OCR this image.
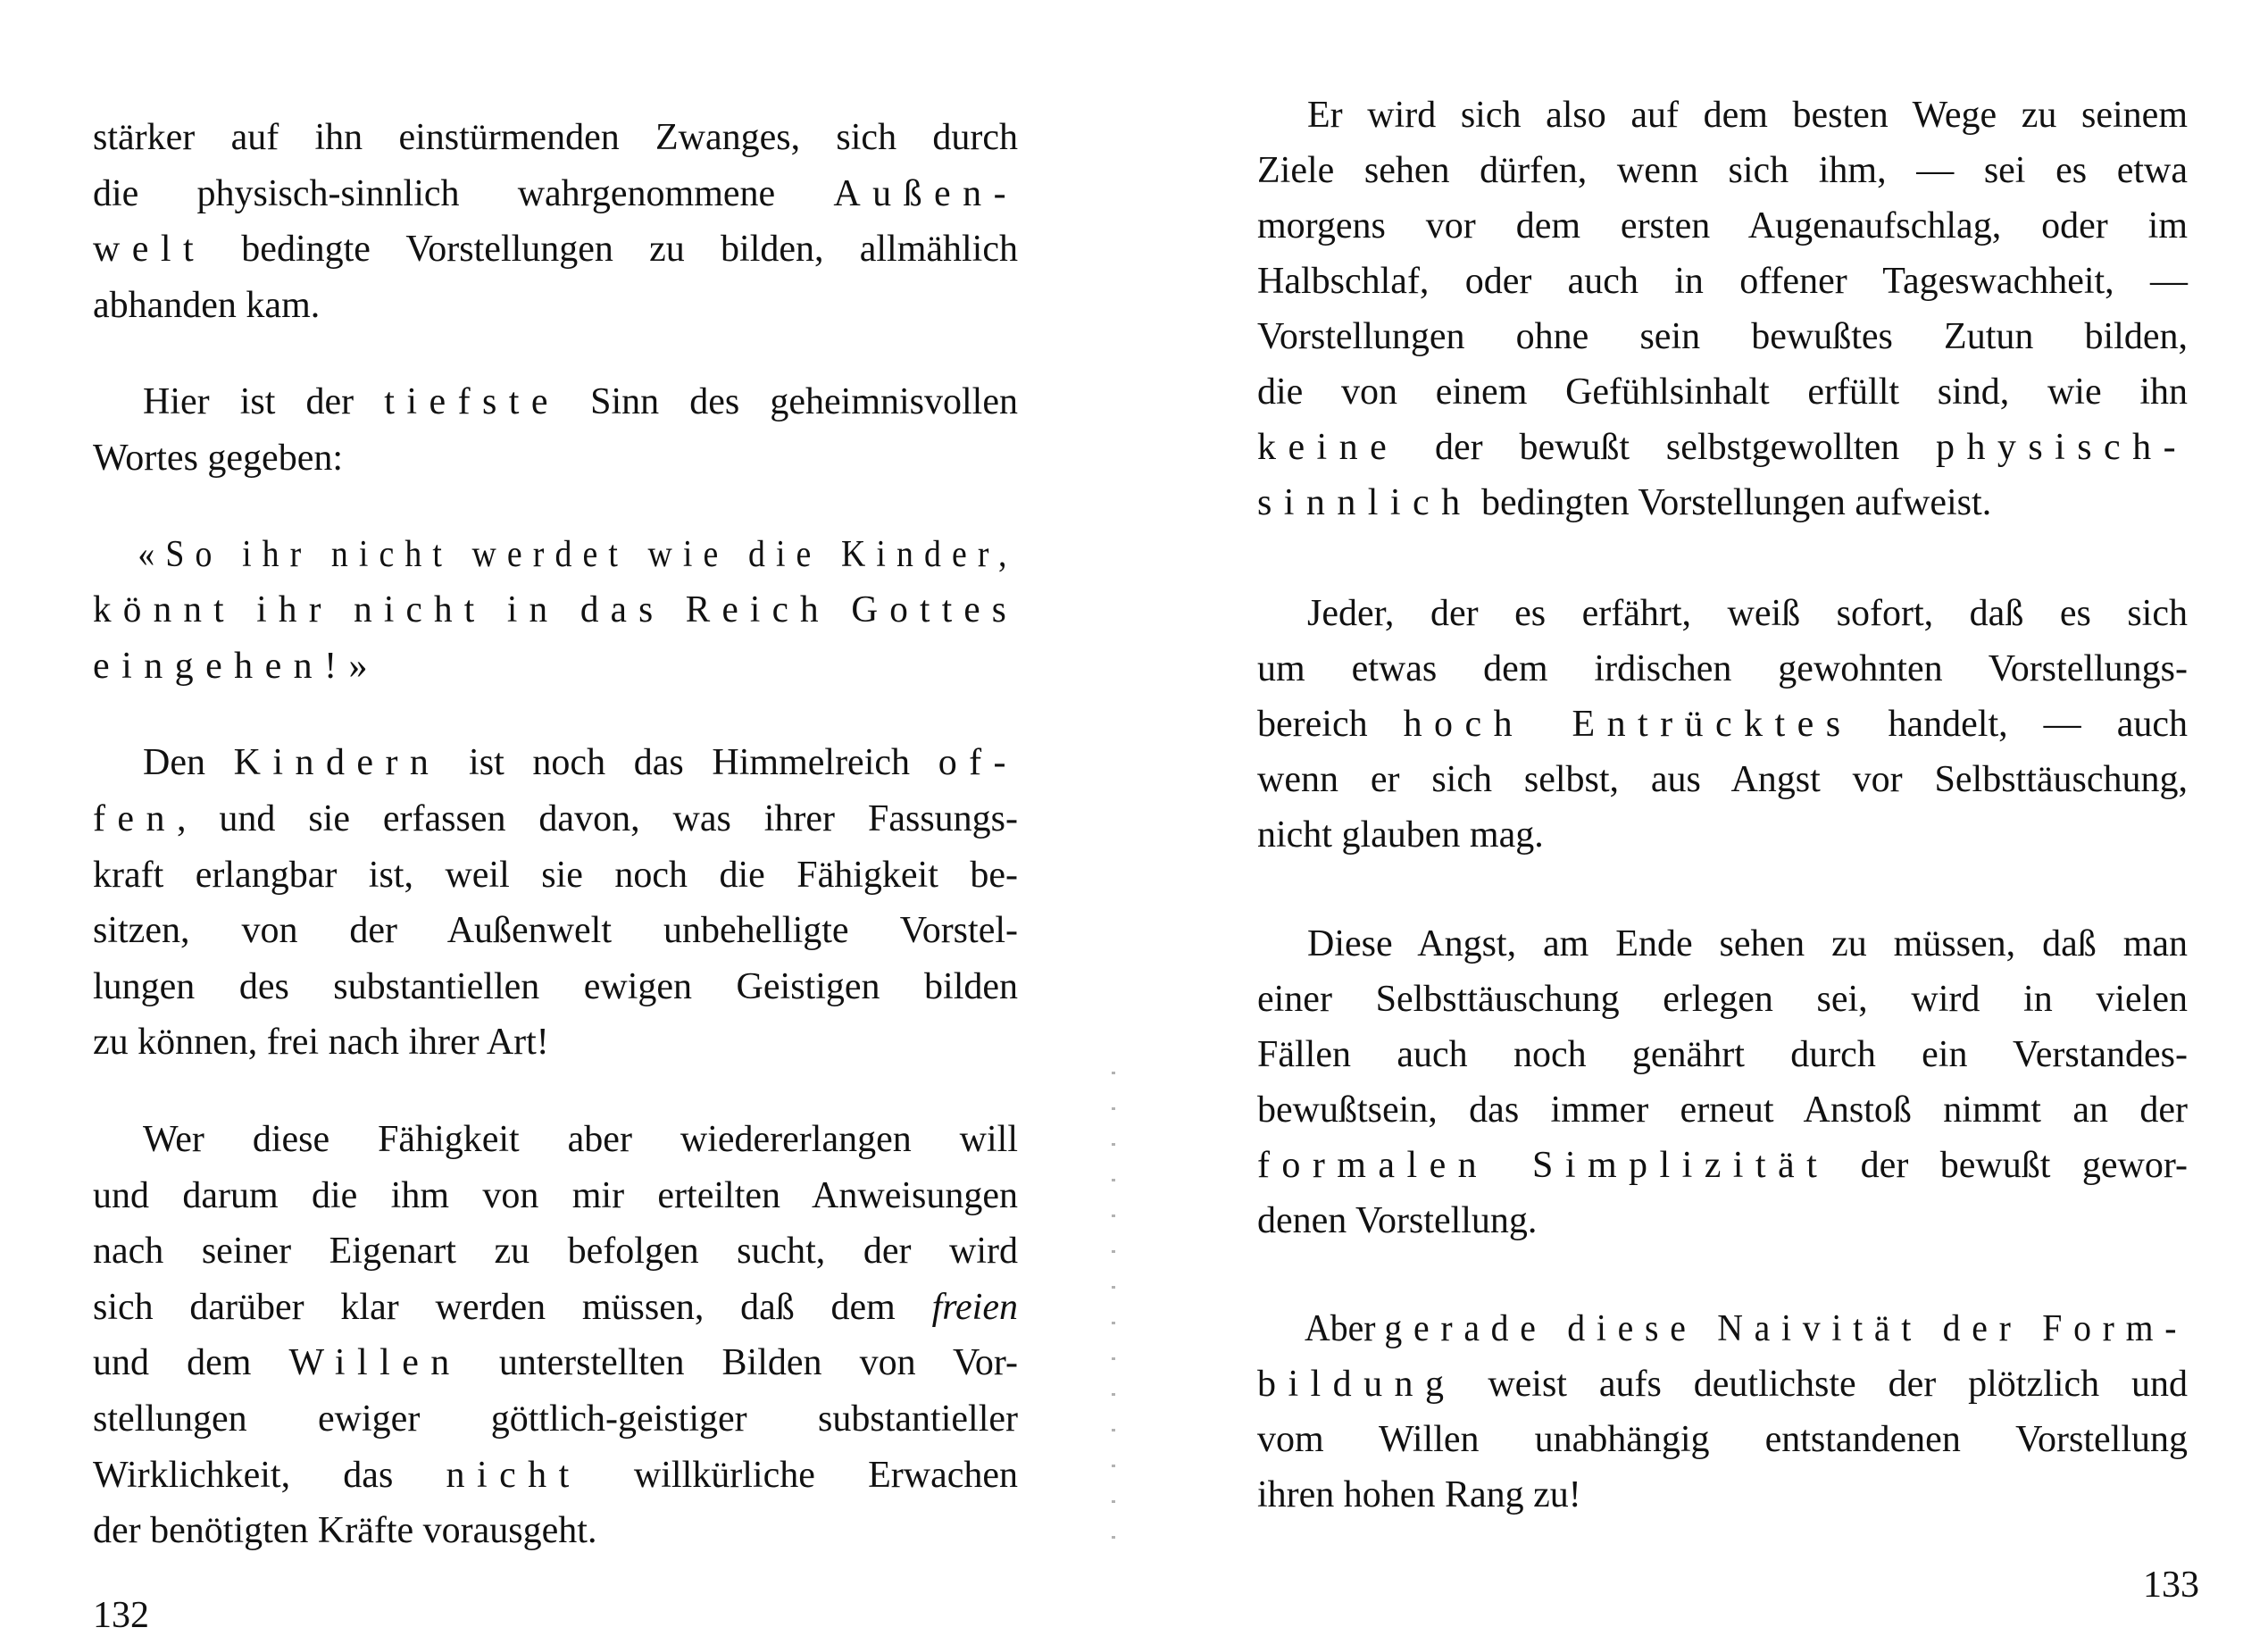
stärker auf ihn einstürmenden Zwanges, sich durch
die physisch-sinnlich wahrgenommene Außen-
welt bedingte Vorstellungen zu bilden, allmählich
abhanden kam.
Hier ist der tiefste Sinn des geheimnisvollen
Wortes gegeben:
«So ihr nicht werdet wie die Kinder,
könnt ihr nicht in das Reich Gottes
eingehen!»
Den Kindern ist noch das Himmelreich of-
fen, und sie erfassen davon, was ihrer Fassungs-
kraft erlangbar ist, weil sie noch die Fähigkeit be-
sitzen, von der Außenwelt unbehelligte Vorstel-
lungen des substantiellen ewigen Geistigen bilden
zu können, frei nach ihrer Art!
Wer diese Fähigkeit aber wiedererlangen will
und darum die ihm von mir erteilten Anweisungen
nach seiner Eigenart zu befolgen sucht, der wird
sich darüber klar werden müssen, daß dem freien
und dem Willen unterstellten Bilden von Vor-
stellungen ewiger göttlich-geistiger substantieller
Wirklichkeit, das nicht willkürliche Erwachen
der benötigten Kräfte vorausgeht.
132
Er wird sich also auf dem besten Wege zu seinem
Ziele sehen dürfen, wenn sich ihm, — sei es etwa
morgens vor dem ersten Augenaufschlag, oder im
Halbschlaf, oder auch in offener Tageswachheit, —
Vorstellungen ohne sein bewußtes Zutun bilden,
die von einem Gefühlsinhalt erfüllt sind, wie ihn
keine der bewußt selbstgewollten physisch-
sinnlich bedingten Vorstellungen aufweist.
Jeder, der es erfährt, weiß sofort, daß es sich
um etwas dem irdischen gewohnten Vorstellungs-
bereich hoch Entrücktes handelt, — auch
wenn er sich selbst, aus Angst vor Selbsttäuschung,
nicht glauben mag.
Diese Angst, am Ende sehen zu müssen, daß man
einer Selbsttäuschung erlegen sei, wird in vielen
Fällen auch noch genährt durch ein Verstandes-
bewußtsein, das immer erneut Anstoß nimmt an der
formalen Simplizität der bewußt gewor-
denen Vorstellung.
Aber gerade diese Naivität der Form-
bildung weist aufs deutlichste der plötzlich und
vom Willen unabhängig entstandenen Vorstellung
ihren hohen Rang zu!
133
